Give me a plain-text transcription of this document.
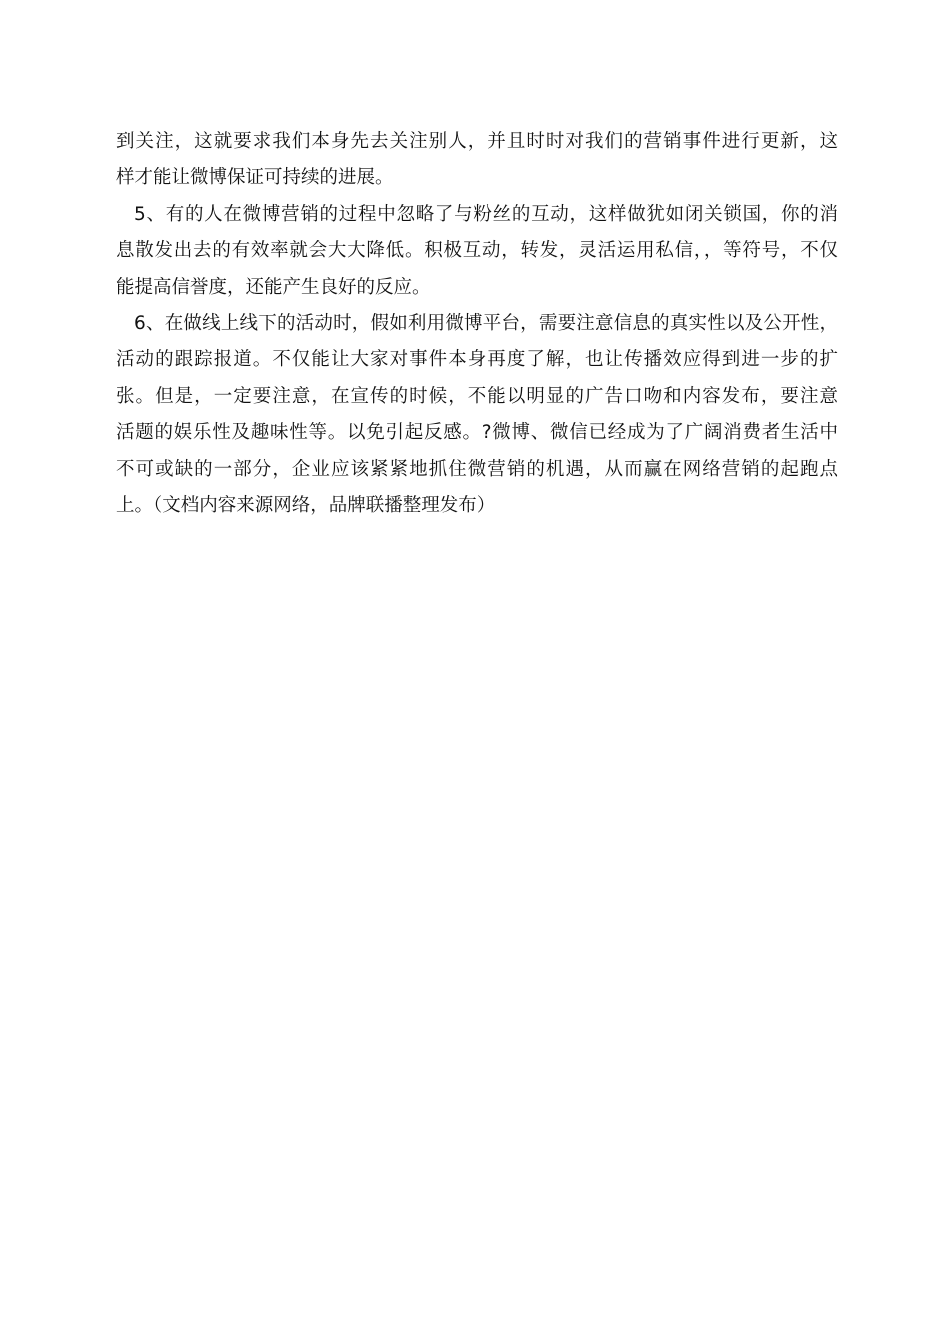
到关注，这就要求我们本身先去关注别人，并且时时对我们的营销事件进行更新，这
样才能让微博保证可持续的进展。
5、有的人在微博营销的过程中忽略了与粉丝的互动，这样做犹如闭关锁国，你的消
息散发出去的有效率就会大大降低。积极互动，转发，灵活运用私信，，等符号，不仅
能提高信誉度，还能产生良好的反应。
6、在做线上线下的活动时，假如利用微博平台，需要注意信息的真实性以及公开性，
活动的跟踪报道。不仅能让大家对事件本身再度了解，也让传播效应得到进一步的扩
张。但是，一定要注意，在宣传的时候，不能以明显的广告口吻和内容发布，要注意
活题的娱乐性及趣味性等。以免引起反感。?微博、微信已经成为了广阔消费者生活中
不可或缺的一部分，企业应该紧紧地抓住微营销的机遇，从而赢在网络营销的起跑点
上。（文档内容来源网络，品牌联播整理发布）
